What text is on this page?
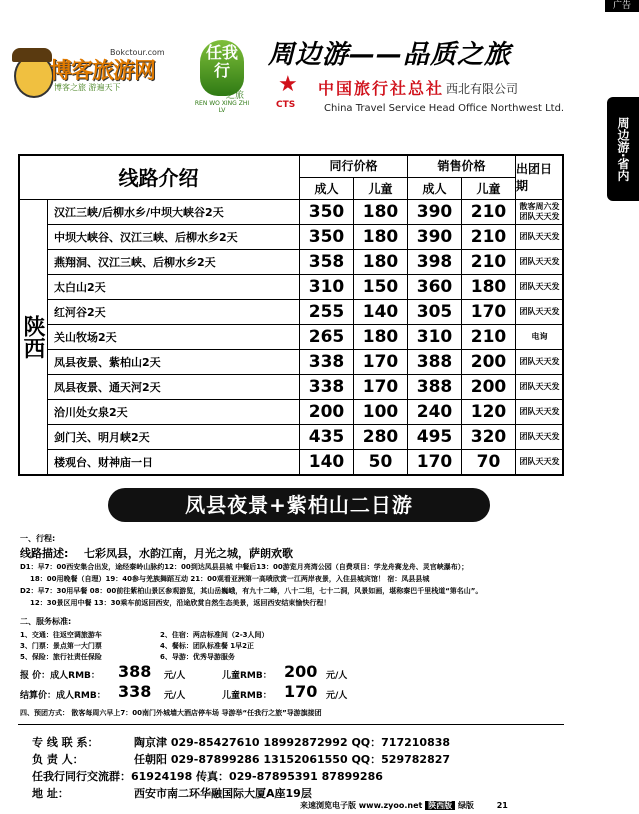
广告
周边游·省内
Bokctour.com
博客旅游网
博客之旅 游遍天下
任我行
之旅
REN WO XING ZHI LV
周边游——品质之旅
★
CTS
中国旅行社总社 西北有限公司
China Travel Service Head Office Northwest Ltd.
线路介绍	同行价格	销售价格	出团日期
成人	儿童	成人	儿童
陕西
汉江三峡/后柳水乡/中坝大峡谷2天	350	180	390	210	散客周六发 团队天天发
中坝大峡谷、汉江三峡、后柳水乡2天	350	180	390	210	团队天天发
燕翔洞、汉江三峡、后柳水乡2天	358	180	398	210	团队天天发
太白山2天	310	150	360	180	团队天天发
红河谷2天	255	140	305	170	团队天天发
关山牧场2天	265	180	310	210	电询
凤县夜景、紫柏山2天	338	170	388	200	团队天天发
凤县夜景、通天河2天	338	170	388	200	团队天天发
洽川处女泉2天	200	100	240	120	团队天天发
剑门关、明月峡2天	435	280	495	320	团队天天发
楼观台、财神庙一日	140	50	170	70	团队天天发
凤县夜景+紫柏山二日游
一、行程:
线路描述: 七彩凤县，水韵江南，月光之城，萨朗欢歌
D1：早7：00西安集合出发，途经秦岭山脉约12：00到达凤县县城 中餐后13：00游览月亮湾公园（自费项目：学龙舟赛龙舟、灵官峡瀑布）；
18：00用晚餐（自理）19：40参与羌族舞蹈互动 21：00观看亚洲第一高喷欣赏一江两岸夜景，入住县城宾馆！ 宿：凤县县城
D2：早7：30用早餐 08：00前往紫柏山景区参观游览，其山岳巍峨，有九十二峰，八十二坦，七十二洞，风景如画，堪称秦巴千里栈道“第名山”。
12：30景区用中餐 13：30乘车前返回西安，沿途欣赏自然生态美景，返回西安结束愉快行程！
二、服务标准:
1、交通：往返空调旅游车	2、住宿：两店标准间（2-3人间）
3、门票：景点第一大门票	4、餐标：团队标准餐 1早2正
5、保险：旅行社责任保险	6、导游：优秀导游服务
报 价：成人RMB： 388 元/人	儿童RMB： 200 元/人
结算价：成人RMB： 338 元/人	儿童RMB： 170 元/人
四、预团方式： 散客每周六早上7：00南门外城墙大酒店停车场 导游举“任我行之旅”导游旗接团
专 线 联 系：	陶京津 029-85427610 18992872992 QQ：717210838
负 责 人：	任朝阳 029-87899286 13152061550 QQ：529782827
任我行同行交流群：61924198 传真：029-87895391 87899286
地 址：	西安市南二环华融国际大厦A座19层
来速浏览电子版 www.zyoo.net 陕西版 绿版	21
